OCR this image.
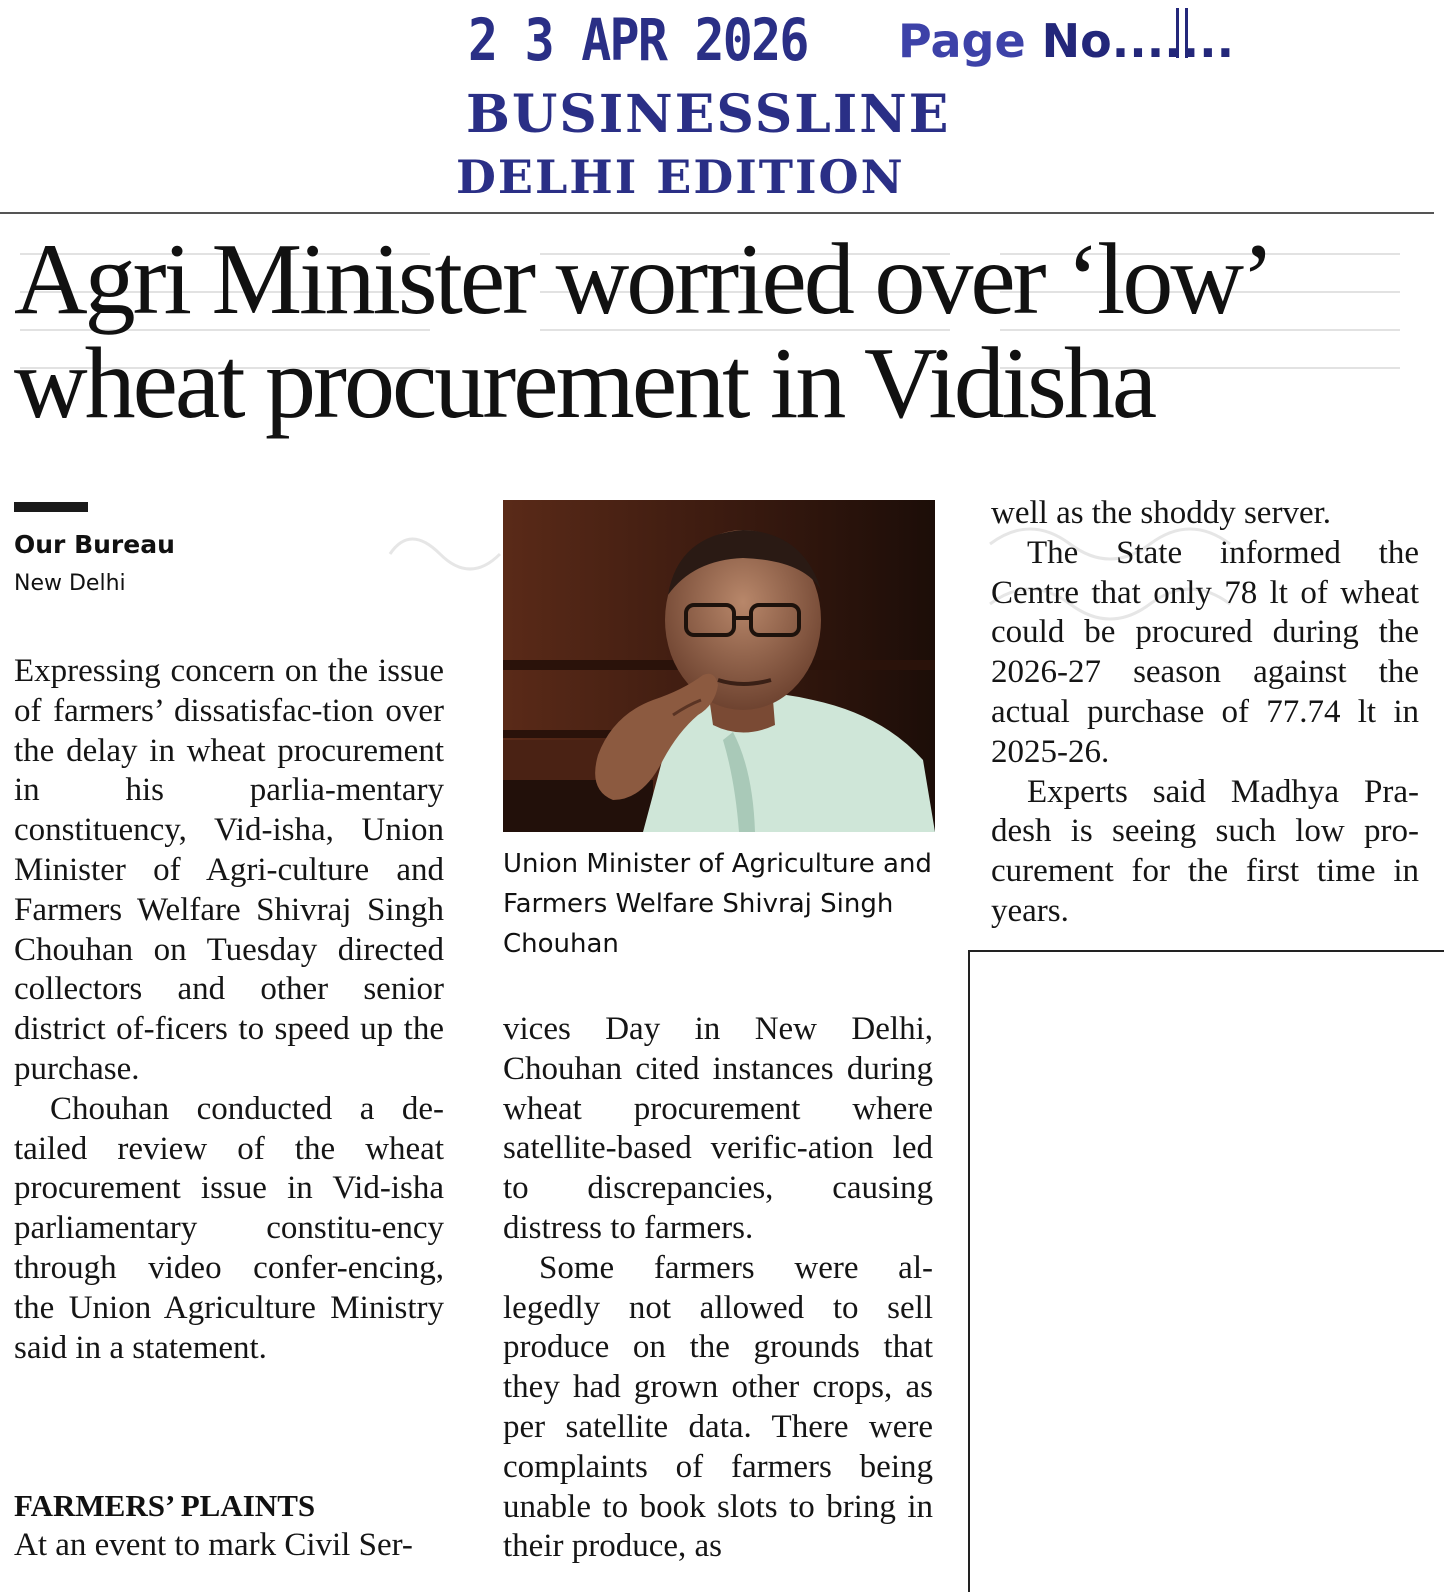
2 3 APR 2026 Page No.......
BUSINESSLINE
DELHI EDITION
Agri Minister worried over ‘low’ wheat procurement in Vidisha
Our Bureau
New Delhi

Expressing concern on the issue of farmers’ dissatisfac-tion over the delay in wheat procurement in his parlia-mentary constituency, Vid-isha, Union Minister of Agri-culture and Farmers Welfare Shivraj Singh Chouhan on Tuesday directed collectors and other senior district of-ficers to speed up the purchase.

Chouhan conducted a de-tailed review of the wheat procurement issue in Vid-isha parliamentary constitu-ency through video confer-encing, the Union Agriculture Ministry said in a statement.

FARMERS’ PLAINTS

At an event to mark Civil Ser-

Union Minister of Agriculture and Farmers Welfare Shivraj Singh Chouhan

vices Day in New Delhi, Chouhan cited instances during wheat procurement where satellite-based verific-ation led to discrepancies, causing distress to farmers.

Some farmers were al-legedly not allowed to sell produce on the grounds that they had grown other crops, as per satellite data. There were complaints of farmers being unable to book slots to bring in their produce, as

well as the shoddy server.

The State informed the Centre that only 78 lt of wheat could be procured during the 2026-27 season against the actual purchase of 77.74 lt in 2025-26.

Experts said Madhya Pra-desh is seeing such low pro-curement for the first time in years.
